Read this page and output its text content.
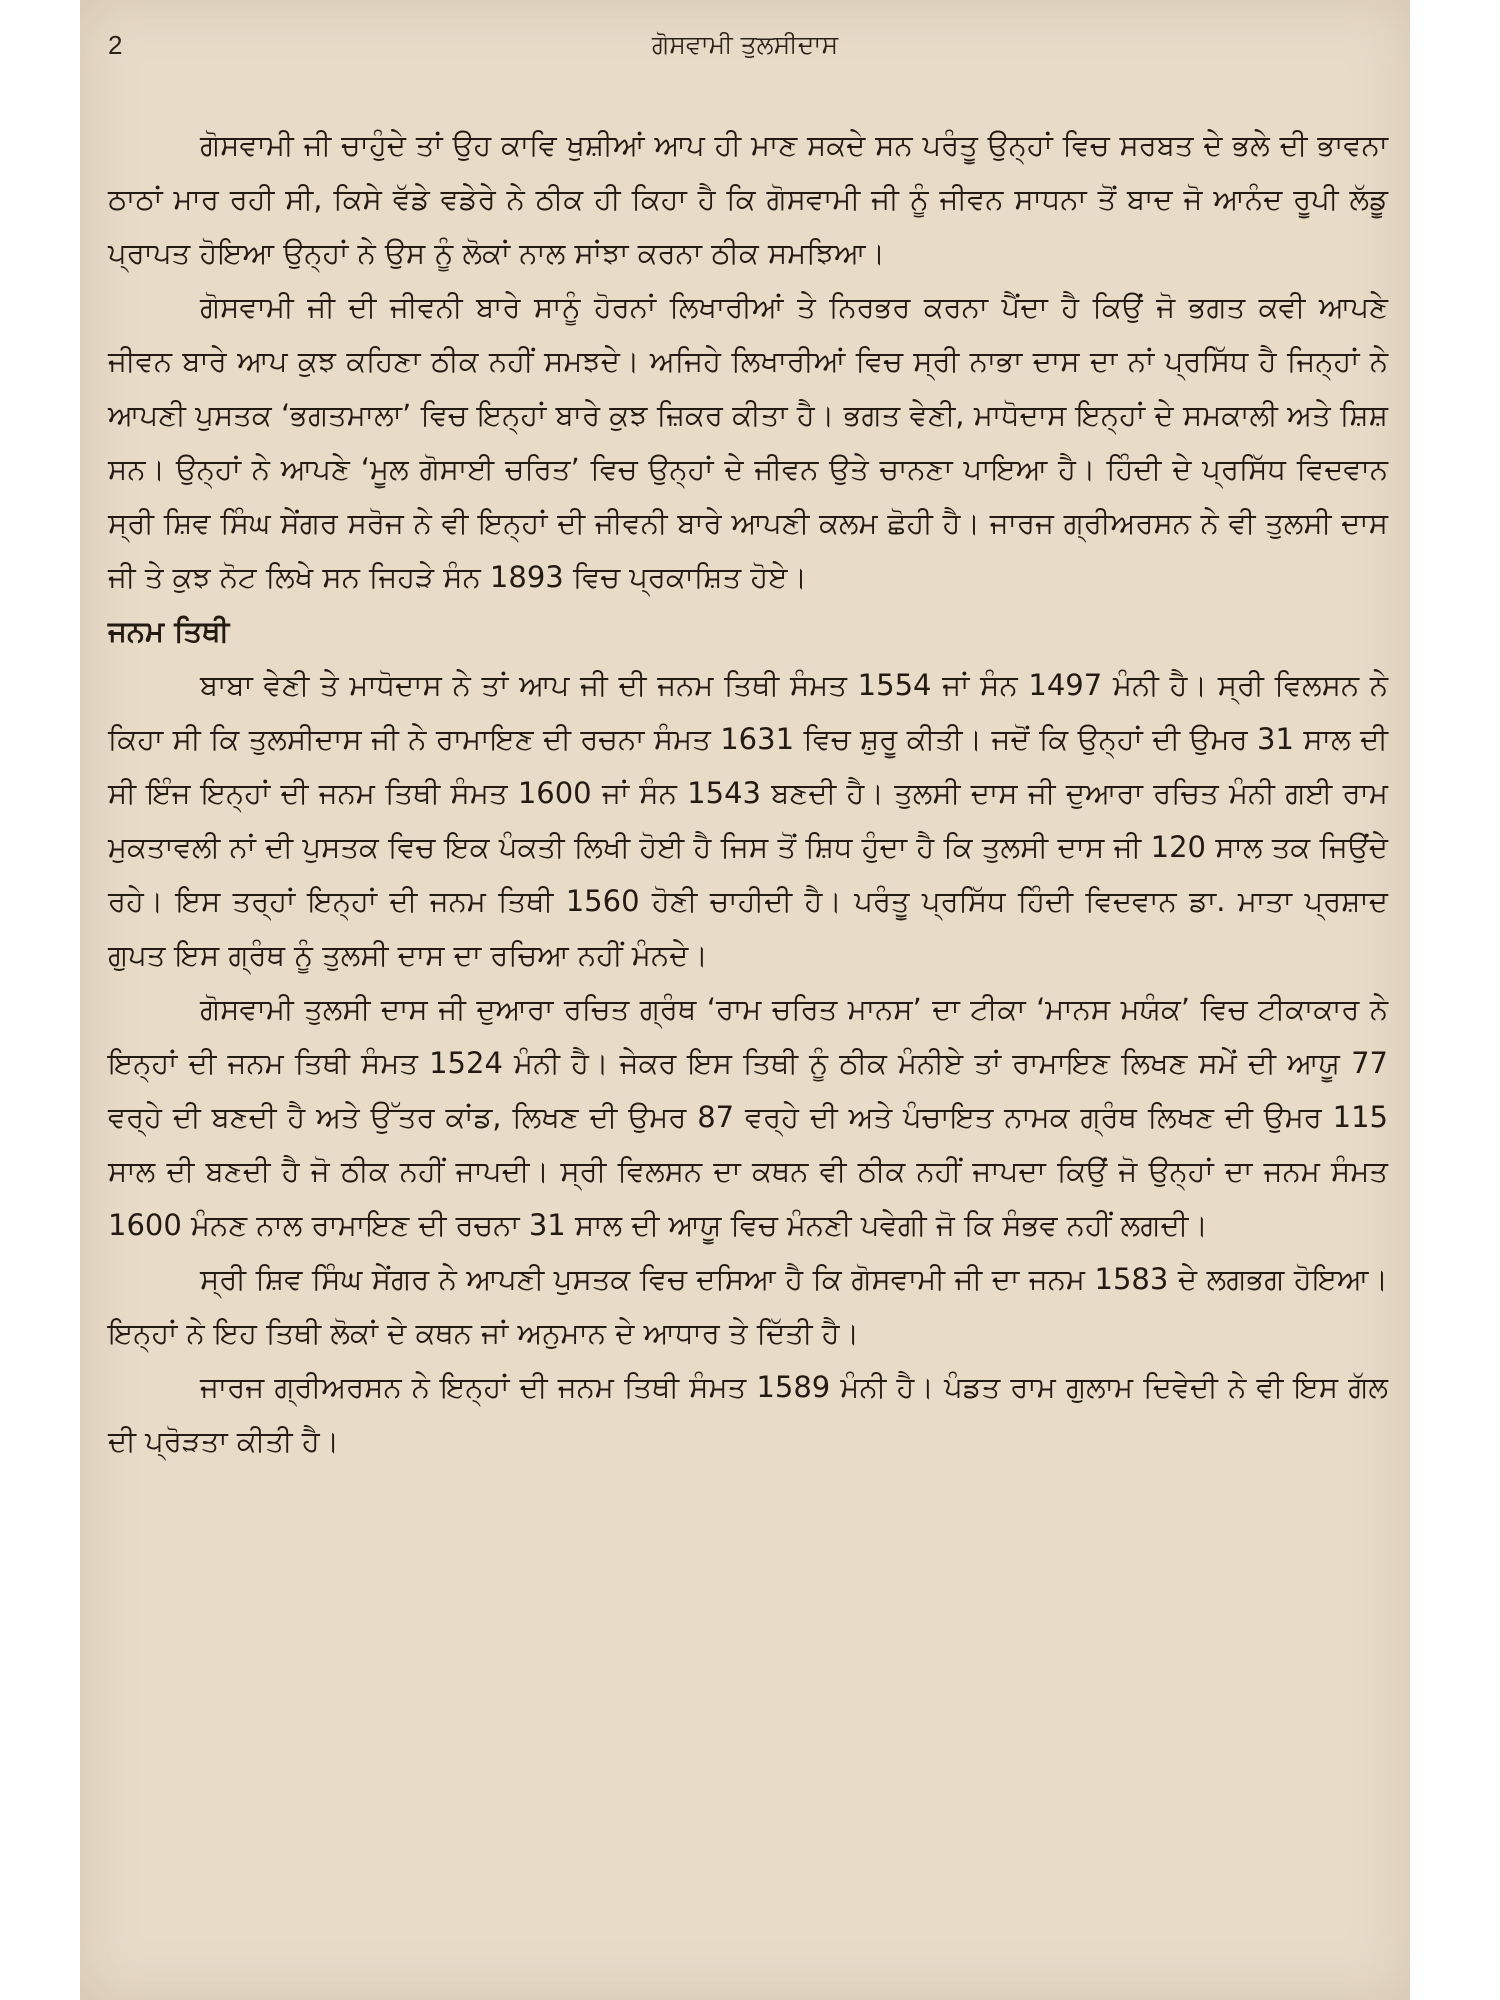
2	ਗੋਸਵਾਮੀ ਤੁਲਸੀਦਾਸ

ਗੋਸਵਾਮੀ ਜੀ ਚਾਹੁੰਦੇ ਤਾਂ ਉਹ ਕਾਵਿ ਖੁਸ਼ੀਆਂ ਆਪ ਹੀ ਮਾਣ ਸਕਦੇ ਸਨ ਪਰੰਤੂ ਉਨ੍ਹਾਂ ਵਿਚ ਸਰਬਤ ਦੇ ਭਲੇ ਦੀ ਭਾਵਨਾ ਠਾਠਾਂ ਮਾਰ ਰਹੀ ਸੀ, ਕਿਸੇ ਵੱਡੇ ਵਡੇਰੇ ਨੇ ਠੀਕ ਹੀ ਕਿਹਾ ਹੈ ਕਿ ਗੋਸਵਾਮੀ ਜੀ ਨੂੰ ਜੀਵਨ ਸਾਧਨਾ ਤੋਂ ਬਾਦ ਜੋ ਆਨੰਦ ਰੂਪੀ ਲੱਡੂ ਪ੍ਰਾਪਤ ਹੋਇਆ ਉਨ੍ਹਾਂ ਨੇ ਉਸ ਨੂੰ ਲੋਕਾਂ ਨਾਲ ਸਾਂਝਾ ਕਰਨਾ ਠੀਕ ਸਮਝਿਆ।

ਗੋਸਵਾਮੀ ਜੀ ਦੀ ਜੀਵਨੀ ਬਾਰੇ ਸਾਨੂੰ ਹੋਰਨਾਂ ਲਿਖਾਰੀਆਂ ਤੇ ਨਿਰਭਰ ਕਰਨਾ ਪੈਂਦਾ ਹੈ ਕਿਉਂ ਜੋ ਭਗਤ ਕਵੀ ਆਪਣੇ ਜੀਵਨ ਬਾਰੇ ਆਪ ਕੁਝ ਕਹਿਣਾ ਠੀਕ ਨਹੀਂ ਸਮਝਦੇ। ਅਜਿਹੇ ਲਿਖਾਰੀਆਂ ਵਿਚ ਸ੍ਰੀ ਨਾਭਾ ਦਾਸ ਦਾ ਨਾਂ ਪ੍ਰਸਿੱਧ ਹੈ ਜਿਨ੍ਹਾਂ ਨੇ ਆਪਣੀ ਪੁਸਤਕ ‘ਭਗਤਮਾਲਾ’ ਵਿਚ ਇਨ੍ਹਾਂ ਬਾਰੇ ਕੁਝ ਜ਼ਿਕਰ ਕੀਤਾ ਹੈ। ਭਗਤ ਵੇਣੀ, ਮਾਧੋਦਾਸ ਇਨ੍ਹਾਂ ਦੇ ਸਮਕਾਲੀ ਅਤੇ ਸ਼ਿਸ਼ ਸਨ। ਉਨ੍ਹਾਂ ਨੇ ਆਪਣੇ ‘ਮੂਲ ਗੋਸਾਈ ਚਰਿਤ’ ਵਿਚ ਉਨ੍ਹਾਂ ਦੇ ਜੀਵਨ ਉਤੇ ਚਾਨਣਾ ਪਾਇਆ ਹੈ। ਹਿੰਦੀ ਦੇ ਪ੍ਰਸਿੱਧ ਵਿਦਵਾਨ ਸ੍ਰੀ ਸ਼ਿਵ ਸਿੰਘ ਸੇਂਗਰ ਸਰੋਜ ਨੇ ਵੀ ਇਨ੍ਹਾਂ ਦੀ ਜੀਵਨੀ ਬਾਰੇ ਆਪਣੀ ਕਲਮ ਛੋਹੀ ਹੈ। ਜਾਰਜ ਗ੍ਰੀਅਰਸਨ ਨੇ ਵੀ ਤੁਲਸੀ ਦਾਸ ਜੀ ਤੇ ਕੁਝ ਨੋਟ ਲਿਖੇ ਸਨ ਜਿਹੜੇ ਸੰਨ 1893 ਵਿਚ ਪ੍ਰਕਾਸ਼ਿਤ ਹੋਏ।

ਜਨਮ ਤਿਥੀ

ਬਾਬਾ ਵੇਣੀ ਤੇ ਮਾਧੋਦਾਸ ਨੇ ਤਾਂ ਆਪ ਜੀ ਦੀ ਜਨਮ ਤਿਥੀ ਸੰਮਤ 1554 ਜਾਂ ਸੰਨ 1497 ਮੰਨੀ ਹੈ। ਸ੍ਰੀ ਵਿਲਸਨ ਨੇ ਕਿਹਾ ਸੀ ਕਿ ਤੁਲਸੀਦਾਸ ਜੀ ਨੇ ਰਾਮਾਇਣ ਦੀ ਰਚਨਾ ਸੰਮਤ 1631 ਵਿਚ ਸ਼ੁਰੂ ਕੀਤੀ। ਜਦੋਂ ਕਿ ਉਨ੍ਹਾਂ ਦੀ ਉਮਰ 31 ਸਾਲ ਦੀ ਸੀ ਇੰਜ ਇਨ੍ਹਾਂ ਦੀ ਜਨਮ ਤਿਥੀ ਸੰਮਤ 1600 ਜਾਂ ਸੰਨ 1543 ਬਣਦੀ ਹੈ। ਤੁਲਸੀ ਦਾਸ ਜੀ ਦੁਆਰਾ ਰਚਿਤ ਮੰਨੀ ਗਈ ਰਾਮ ਮੁਕਤਾਵਲੀ ਨਾਂ ਦੀ ਪੁਸਤਕ ਵਿਚ ਇਕ ਪੰਕਤੀ ਲਿਖੀ ਹੋਈ ਹੈ ਜਿਸ ਤੋਂ ਸ਼ਿਧ ਹੁੰਦਾ ਹੈ ਕਿ ਤੁਲਸੀ ਦਾਸ ਜੀ 120 ਸਾਲ ਤਕ ਜਿਉਂਦੇ ਰਹੇ। ਇਸ ਤਰ੍ਹਾਂ ਇਨ੍ਹਾਂ ਦੀ ਜਨਮ ਤਿਥੀ 1560 ਹੋਣੀ ਚਾਹੀਦੀ ਹੈ। ਪਰੰਤੂ ਪ੍ਰਸਿੱਧ ਹਿੰਦੀ ਵਿਦਵਾਨ ਡਾ. ਮਾਤਾ ਪ੍ਰਸ਼ਾਦ ਗੁਪਤ ਇਸ ਗ੍ਰੰਥ ਨੂੰ ਤੁਲਸੀ ਦਾਸ ਦਾ ਰਚਿਆ ਨਹੀਂ ਮੰਨਦੇ।

ਗੋਸਵਾਮੀ ਤੁਲਸੀ ਦਾਸ ਜੀ ਦੁਆਰਾ ਰਚਿਤ ਗ੍ਰੰਥ ‘ਰਾਮ ਚਰਿਤ ਮਾਨਸ’ ਦਾ ਟੀਕਾ ‘ਮਾਨਸ ਮਯੰਕ’ ਵਿਚ ਟੀਕਾਕਾਰ ਨੇ ਇਨ੍ਹਾਂ ਦੀ ਜਨਮ ਤਿਥੀ ਸੰਮਤ 1524 ਮੰਨੀ ਹੈ। ਜੇਕਰ ਇਸ ਤਿਥੀ ਨੂੰ ਠੀਕ ਮੰਨੀਏ ਤਾਂ ਰਾਮਾਇਣ ਲਿਖਣ ਸਮੇਂ ਦੀ ਆਯੂ 77 ਵਰ੍ਹੇ ਦੀ ਬਣਦੀ ਹੈ ਅਤੇ ਉੱਤਰ ਕਾਂਡ, ਲਿਖਣ ਦੀ ਉਮਰ 87 ਵਰ੍ਹੇ ਦੀ ਅਤੇ ਪੰਚਾਇਤ ਨਾਮਕ ਗ੍ਰੰਥ ਲਿਖਣ ਦੀ ਉਮਰ 115 ਸਾਲ ਦੀ ਬਣਦੀ ਹੈ ਜੋ ਠੀਕ ਨਹੀਂ ਜਾਪਦੀ। ਸ੍ਰੀ ਵਿਲਸਨ ਦਾ ਕਥਨ ਵੀ ਠੀਕ ਨਹੀਂ ਜਾਪਦਾ ਕਿਉਂ ਜੋ ਉਨ੍ਹਾਂ ਦਾ ਜਨਮ ਸੰਮਤ 1600 ਮੰਨਣ ਨਾਲ ਰਾਮਾਇਣ ਦੀ ਰਚਨਾ 31 ਸਾਲ ਦੀ ਆਯੂ ਵਿਚ ਮੰਨਣੀ ਪਵੇਗੀ ਜੋ ਕਿ ਸੰਭਵ ਨਹੀਂ ਲਗਦੀ।

ਸ੍ਰੀ ਸ਼ਿਵ ਸਿੰਘ ਸੇਂਗਰ ਨੇ ਆਪਣੀ ਪੁਸਤਕ ਵਿਚ ਦਸਿਆ ਹੈ ਕਿ ਗੋਸਵਾਮੀ ਜੀ ਦਾ ਜਨਮ 1583 ਦੇ ਲਗਭਗ ਹੋਇਆ। ਇਨ੍ਹਾਂ ਨੇ ਇਹ ਤਿਥੀ ਲੋਕਾਂ ਦੇ ਕਥਨ ਜਾਂ ਅਨੁਮਾਨ ਦੇ ਆਧਾਰ ਤੇ ਦਿੱਤੀ ਹੈ।

ਜਾਰਜ ਗ੍ਰੀਅਰਸਨ ਨੇ ਇਨ੍ਹਾਂ ਦੀ ਜਨਮ ਤਿਥੀ ਸੰਮਤ 1589 ਮੰਨੀ ਹੈ। ਪੰਡਤ ਰਾਮ ਗੁਲਾਮ ਦਿਵੇਦੀ ਨੇ ਵੀ ਇਸ ਗੱਲ ਦੀ ਪ੍ਰੋੜਤਾ ਕੀਤੀ ਹੈ।
